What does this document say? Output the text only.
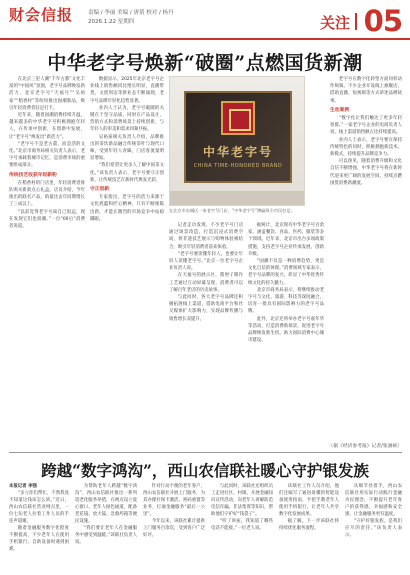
财会信报	责编 / 李丽 美编 / 唐倩 校对 / 杨丹
2026.1.22 星期四	关注 05
中华老字号焕新“破圈”点燃国货新潮

在北京三里人潮“千年古都”文化丰富的“中国风”氛围，老字号品牌焕发新活力，北京老字号“天福号”“吴裕泰”“稻香村”等纷纷推出国潮新品，吸引年轻消费者驻足打卡。

近年来，随着国潮消费持续升温，越来越多的中华老字号积极拥抱年轻人，在传承中创新，在创新中发展，让“老字号”焕发出“新活力”。

“老字号不是老古董，而是活的文化。”北京市商务局相关负责人表示，老字号承载着城市记忆，是消费市场的重要组成部分。

传统技艺收获年轻新粉

在稻香村的门店里，年轻消费者排队购买新款点心礼盒。店员介绍，今年推出的联名产品，销量比去年同期增长了三成以上。

“以前觉得老字号离自己很远，现在发现它们也很潮。”一位“00后”消费者说道。

数据显示，2025年北京老字号企业线上销售额同比增长明显，直播带货、文创周边等新业态不断涌现，老字号品牌年轻化趋势显著。

业内人士认为，老字号破圈的关键在于坚守品质，同时在产品设计、营销方式和消费场景上持续创新，与年轻人的审美和需求同频共振。

吴裕泰相关负责人介绍，品牌推出的茶饮新品融合传统茶叶与现代口味，受到年轻人青睐，门店客流量明显增加。

“我们希望让更多人了解中国茶文化。”该负责人表示，老字号要守正创新，让传统技艺在新时代焕发光彩。

守正创新

专家指出，老字号的活力来源于文化底蕴和匠心精神，只有不断推陈出新，才能在激烈的市场竞争中站稳脚跟。

中华老字号
CHINA TIME-HONORED BRAND
在北京市东城区一家老字号门店，“中华老字号”牌匾吸引市民驻足。

记者走访发现，不少老字号门店通过场景改造，打造沉浸式消费空间，将非遗技艺展示与购物体验相结合，吸引年轻消费者前来体验。

“老字号要读懂年轻人，也要让年轻人读懂老字号。”北京一位老字号企业负责人说。

在天福号的展示区，酱肘子制作工艺通过互动屏幕呈现，消费者可以了解百年老店的历史故事。

与此同时，各大老字号品牌还积极拓展线上渠道，借助电商平台和社交媒体扩大影响力，实现品牌传播与销售增长双提升。

据统计，北京现有中华老字号百余家，涵盖餐饮、食品、医药、服装等多个领域。近年来，北京市出台多项政策措施，支持老字号企业传承发展、创新升级。

“国潮不仅是一种消费趋势，更是文化自信的体现。”消费领域专家表示，老字号品牌的复兴，彰显了中华优秀传统文化的持久魅力。

北京市商务局表示，将继续推动老字号与文化、旅游、科技等深度融合，培育一批具有国际影响力的老字号品牌。

此外，北京还将举办老字号嘉年华等活动，打造消费新场景，促进老字号品牌焕发新生机，助力国际消费中心城市建设。

老字号在数字化转型方面同样动作频频。不少企业开设线上旗舰店，借助直播、短视频等方式讲述品牌故事。

生动案例

“数字化让我们触达了更多年轻客群。”一家老字号企业的电商负责人说，线上渠道销售额占比持续提高。

业内人士表示，老字号要在保持传统特色的同时，积极拥抱新技术、新模式，持续提升品牌竞争力。

可以预见，随着消费升级和文化自信不断增强，中华老字号将在新时代迎来更广阔的发展空间，持续点燃国货消费新潮流。

（据《经济参考报》记者/张涵硕）
跨越“数字鸿沟”，西山农信联社暖心守护银发族

本报记者 李强

“多亏你们帮忙，不然我真不知道这钱该怎么转。”近日，西山农信联社营业网点里，一位七旬老人拉着工作人员的手连声道谢。

随着金融服务数字化程度不断提高，不少老年人在使用手机银行、自助设备时遇到困难。

为帮助老年人跨越“数字鸿沟”，西山农信联社推出一系列适老化服务举措，在网点设立爱心窗口、老年人绿色通道，配备老花镜、放大镜、急救药箱等便民设施。

“我们要让老年人在金融服务中感受到温暖。”该联社负责人说。

针对行动不便的老年客户，西山农信联社开展上门服务，为其办理社保卡激活、密码重置等业务，打通金融服务“最后一公里”。

今年以来，该联社累计提供上门服务百余次，受到客户广泛好评。

与此同时，该联社还组织员工走进社区、村镇，开展金融知识宣传活动，向老年人讲解防范电信诈骗、非法集资等知识，帮助他们守护好“钱袋子”。

“听了讲座，我知道了哪些电话不能接。”一位老人说。

该联社工作人员介绍，他们还编写了通俗易懂的智能设备使用指南，手把手教老年人使用手机银行，让老年人共享数字化发展成果。

据了解，下一步该联社将持续优化服务流程。

从细节处着手，西山农信联社用实际行动践行金融为民理念，不断提升老年客户的获得感、幸福感和安全感，让金融服务更有温度。

“守护好银发族，是我们应尽的责任。”该负责人表示。
